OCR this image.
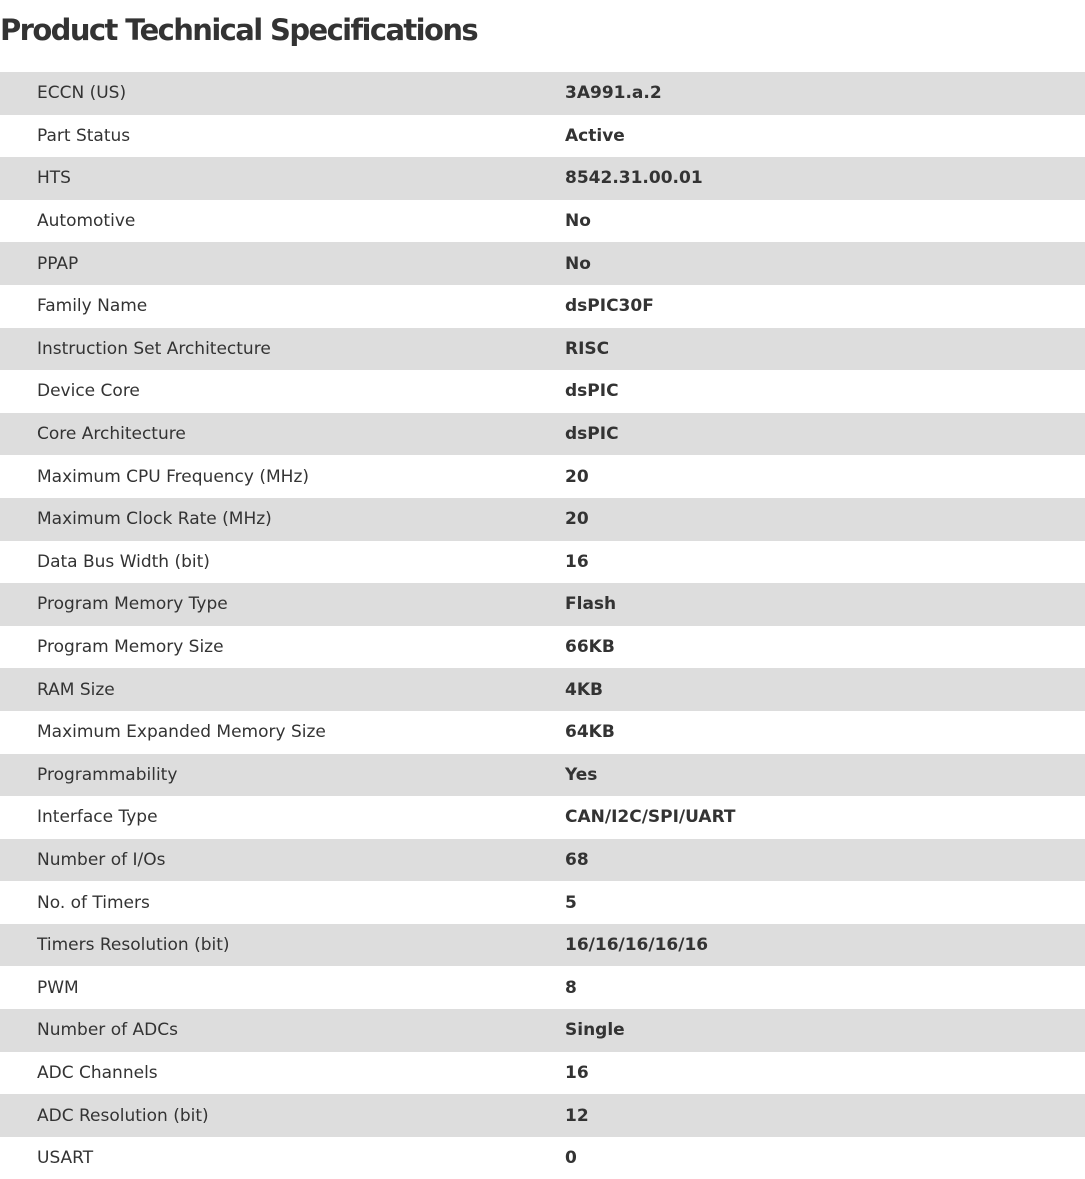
Product Technical Specifications
ECCN (US)	3A991.a.2
Part Status	Active
HTS	8542.31.00.01
Automotive	No
PPAP	No
Family Name	dsPIC30F
Instruction Set Architecture	RISC
Device Core	dsPIC
Core Architecture	dsPIC
Maximum CPU Frequency (MHz)	20
Maximum Clock Rate (MHz)	20
Data Bus Width (bit)	16
Program Memory Type	Flash
Program Memory Size	66KB
RAM Size	4KB
Maximum Expanded Memory Size	64KB
Programmability	Yes
Interface Type	CAN/I2C/SPI/UART
Number of I/Os	68
No. of Timers	5
Timers Resolution (bit)	16/16/16/16/16
PWM	8
Number of ADCs	Single
ADC Channels	16
ADC Resolution (bit)	12
USART	0
